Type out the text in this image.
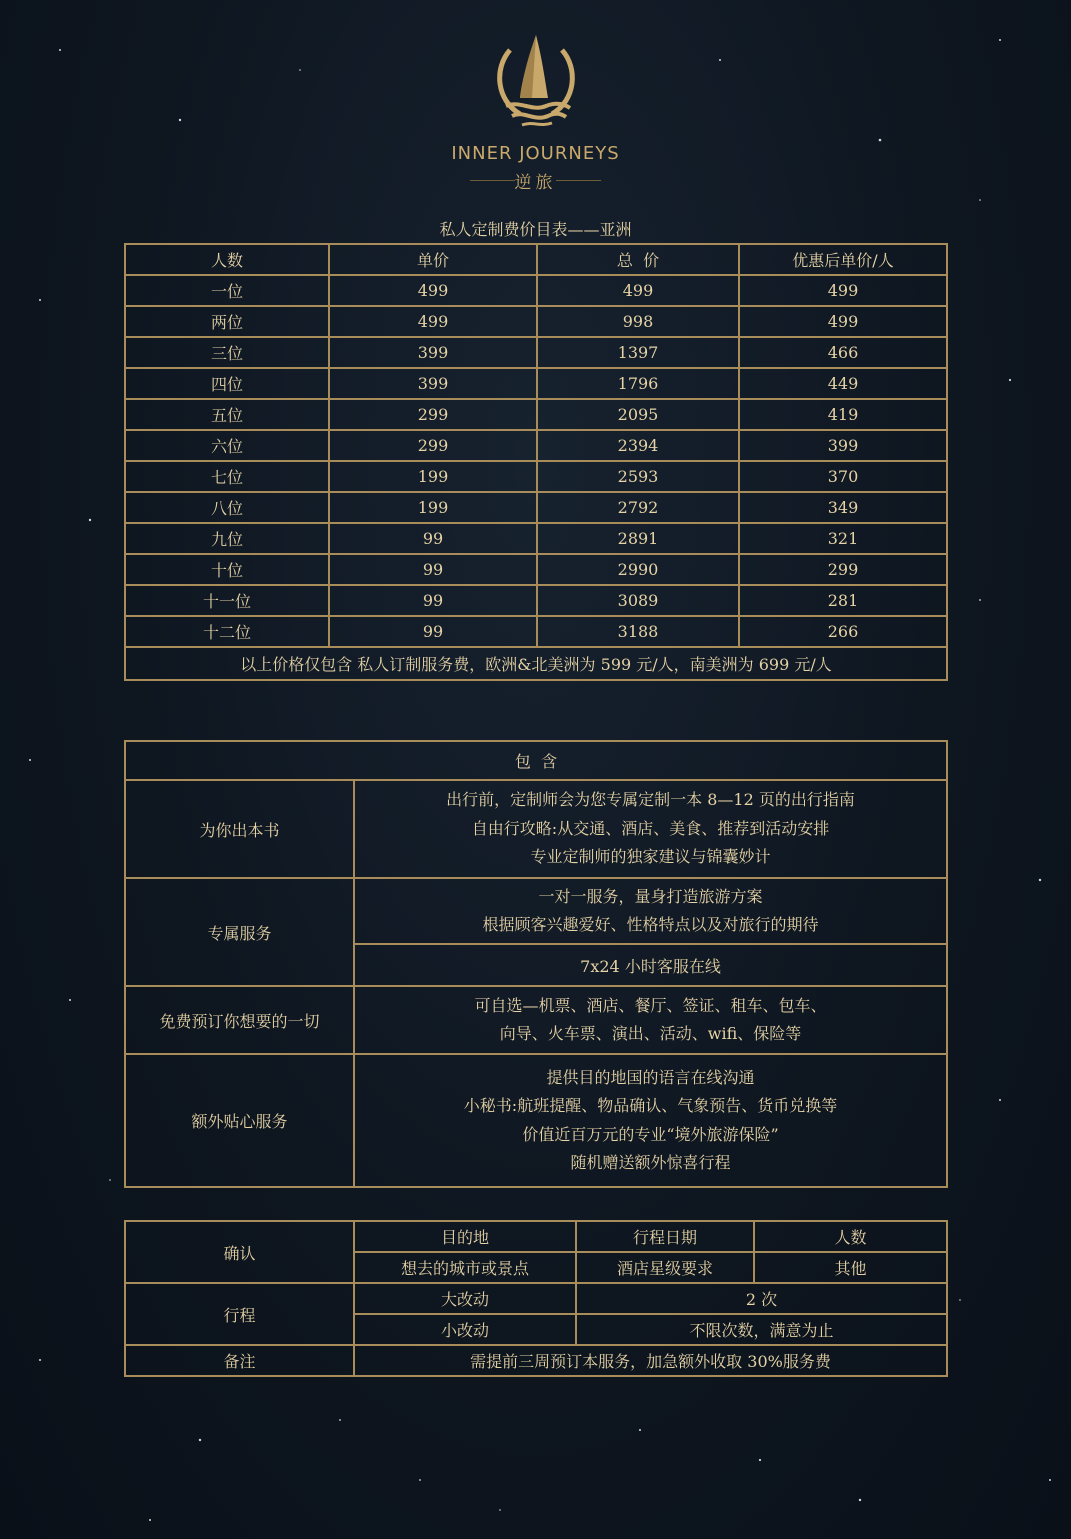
INNER JOURNEYS
逆旅
私人定制费价目表——亚洲
人数	单价	总  价	优惠后单价/人
一位	499	499	499
两位	499	998	499
三位	399	1397	466
四位	399	1796	449
五位	299	2095	419
六位	299	2394	399
七位	199	2593	370
八位	199	2792	349
九位	99	2891	321
十位	99	2990	299
十一位	99	3089	281
十二位	99	3188	266
以上价格仅包含 私人订制服务费，欧洲&北美洲为 599 元/人，南美洲为 699 元/人			
包  含	
为你出本书	出行前，定制师会为您专属定制一本 8—12 页的出行指南
自由行攻略:从交通、酒店、美食、推荐到活动安排
专业定制师的独家建议与锦囊妙计

专属服务	一对一服务，量身打造旅游方案
根据顾客兴趣爱好、性格特点以及对旅行的期待

	7x24 小时客服在线
免费预订你想要的一切	可自选—机票、酒店、餐厅、签证、租车、包车、
向导、火车票、演出、活动、wifi、保险等

额外贴心服务	提供目的地国的语言在线沟通
小秘书:航班提醒、物品确认、气象预告、货币兑换等
价值近百万元的专业“境外旅游保险”
随机赠送额外惊喜行程
确认	目的地	行程日期	人数
	想去的城市或景点	酒店星级要求	其他
行程	大改动	2 次	
	小改动	不限次数，满意为止	
备注	需提前三周预订本服务，加急额外收取 30%服务费		
